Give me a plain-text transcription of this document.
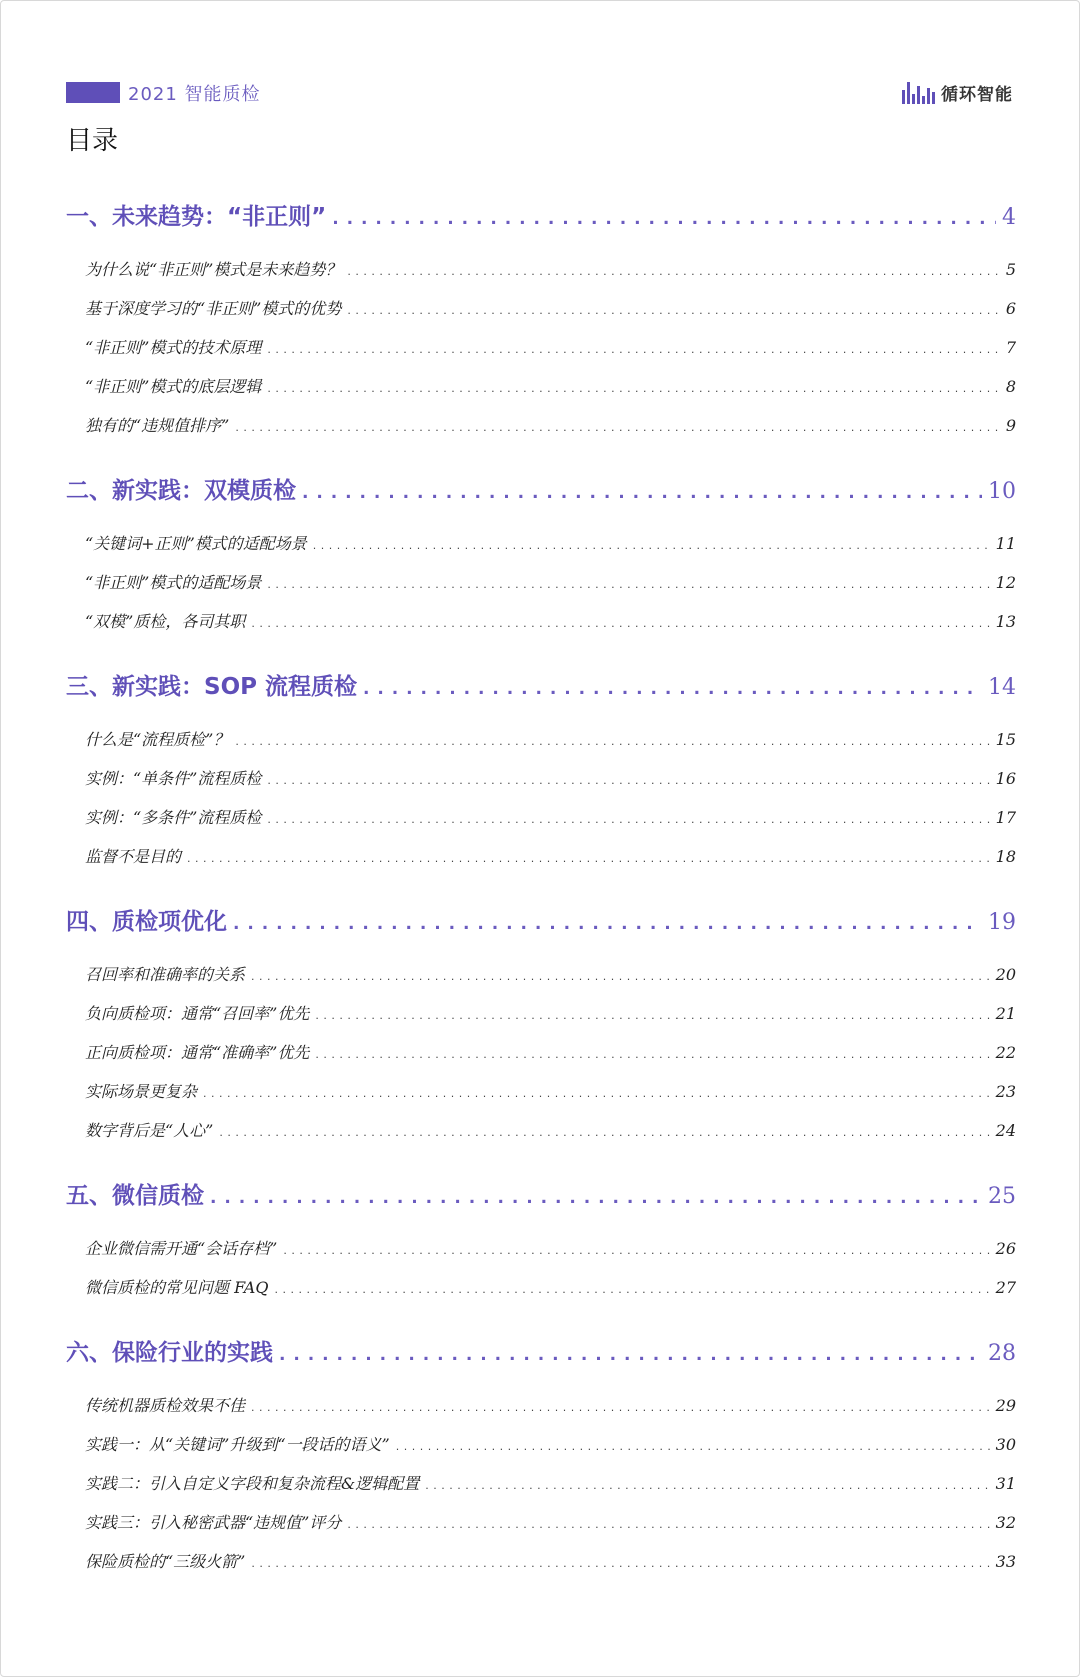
2021 智能质检	循环智能
目录
一、未来趋势：“非正则” . . .	4
为什么说“非正则”模式是未来趋势？ . . .	5
基于深度学习的“非正则”模式的优势 . . .	6
“非正则”模式的技术原理 . . .	7
“非正则”模式的底层逻辑 . . .	8
独有的“违规值排序” . . .	9
二、新实践：双模质检 . . .	10
“关键词+正则”模式的适配场景 . . .	11
“非正则”模式的适配场景 . . .	12
“双模”质检，各司其职 . . .	13
三、新实践：SOP 流程质检 . . .	14
什么是“流程质检”？ . . .	15
实例：“单条件”流程质检 . . .	16
实例：“多条件”流程质检 . . .	17
监督不是目的 . . .	18
四、质检项优化 . . .	19
召回率和准确率的关系 . . .	20
负向质检项：通常“召回率”优先 . . .	21
正向质检项：通常“准确率”优先 . . .	22
实际场景更复杂 . . .	23
数字背后是“人心” . . .	24
五、微信质检 . . .	25
企业微信需开通“会话存档” . . .	26
微信质检的常见问题 FAQ . . .	27
六、保险行业的实践 . . .	28
传统机器质检效果不佳 . . .	29
实践一：从“关键词”升级到“一段话的语义” . . .	30
实践二：引入自定义字段和复杂流程&逻辑配置 . . .	31
实践三：引入秘密武器“违规值”评分 . . .	32
保险质检的“三级火箭” . . .	33
